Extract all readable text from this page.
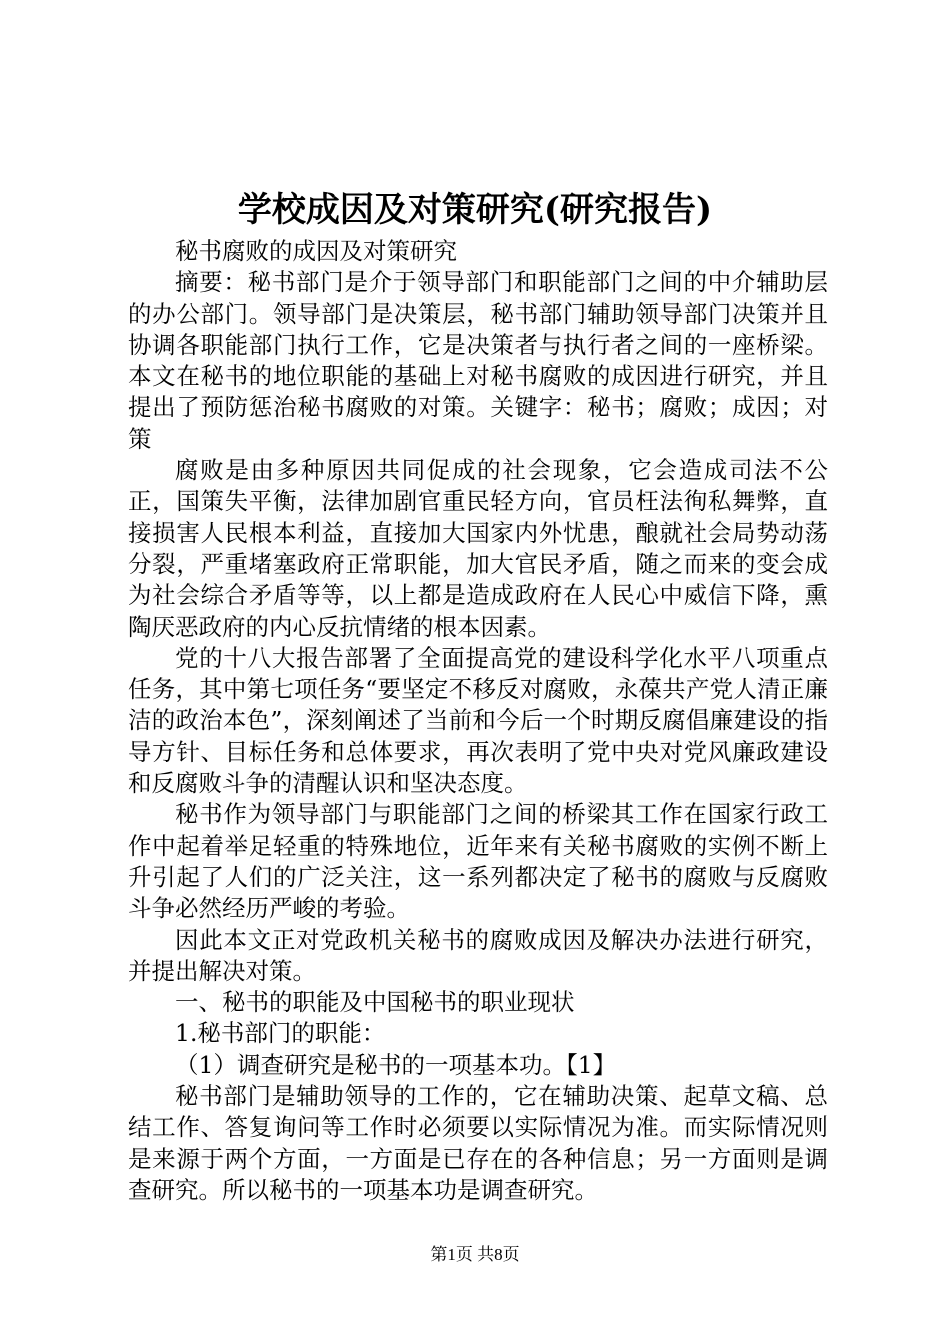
学校成因及对策研究(研究报告)

秘书腐败的成因及对策研究

摘要：秘书部门是介于领导部门和职能部门之间的中介辅助层的办公部门。领导部门是决策层，秘书部门辅助领导部门决策并且协调各职能部门执行工作，它是决策者与执行者之间的一座桥梁。本文在秘书的地位职能的基础上对秘书腐败的成因进行研究，并且提出了预防惩治秘书腐败的对策。关键字：秘书；腐败；成因；对策

腐败是由多种原因共同促成的社会现象，它会造成司法不公正，国策失平衡，法律加剧官重民轻方向，官员枉法徇私舞弊，直接损害人民根本利益，直接加大国家内外忧患，酿就社会局势动荡分裂，严重堵塞政府正常职能，加大官民矛盾，随之而来的变会成为社会综合矛盾等等，以上都是造成政府在人民心中威信下降，熏陶厌恶政府的内心反抗情绪的根本因素。

党的十八大报告部署了全面提高党的建设科学化水平八项重点任务，其中第七项任务“要坚定不移反对腐败，永葆共产党人清正廉洁的政治本色”，深刻阐述了当前和今后一个时期反腐倡廉建设的指导方针、目标任务和总体要求，再次表明了党中央对党风廉政建设和反腐败斗争的清醒认识和坚决态度。

秘书作为领导部门与职能部门之间的桥梁其工作在国家行政工作中起着举足轻重的特殊地位，近年来有关秘书腐败的实例不断上升引起了人们的广泛关注，这一系列都决定了秘书的腐败与反腐败斗争必然经历严峻的考验。

因此本文正对党政机关秘书的腐败成因及解决办法进行研究，并提出解决对策。

一、秘书的职能及中国秘书的职业现状

1.秘书部门的职能：

（1）调查研究是秘书的一项基本功。【1】

秘书部门是辅助领导的工作的，它在辅助决策、起草文稿、总结工作、答复询问等工作时必须要以实际情况为准。而实际情况则是来源于两个方面，一方面是已存在的各种信息；另一方面则是调查研究。所以秘书的一项基本功是调查研究。

第1页 共8页
